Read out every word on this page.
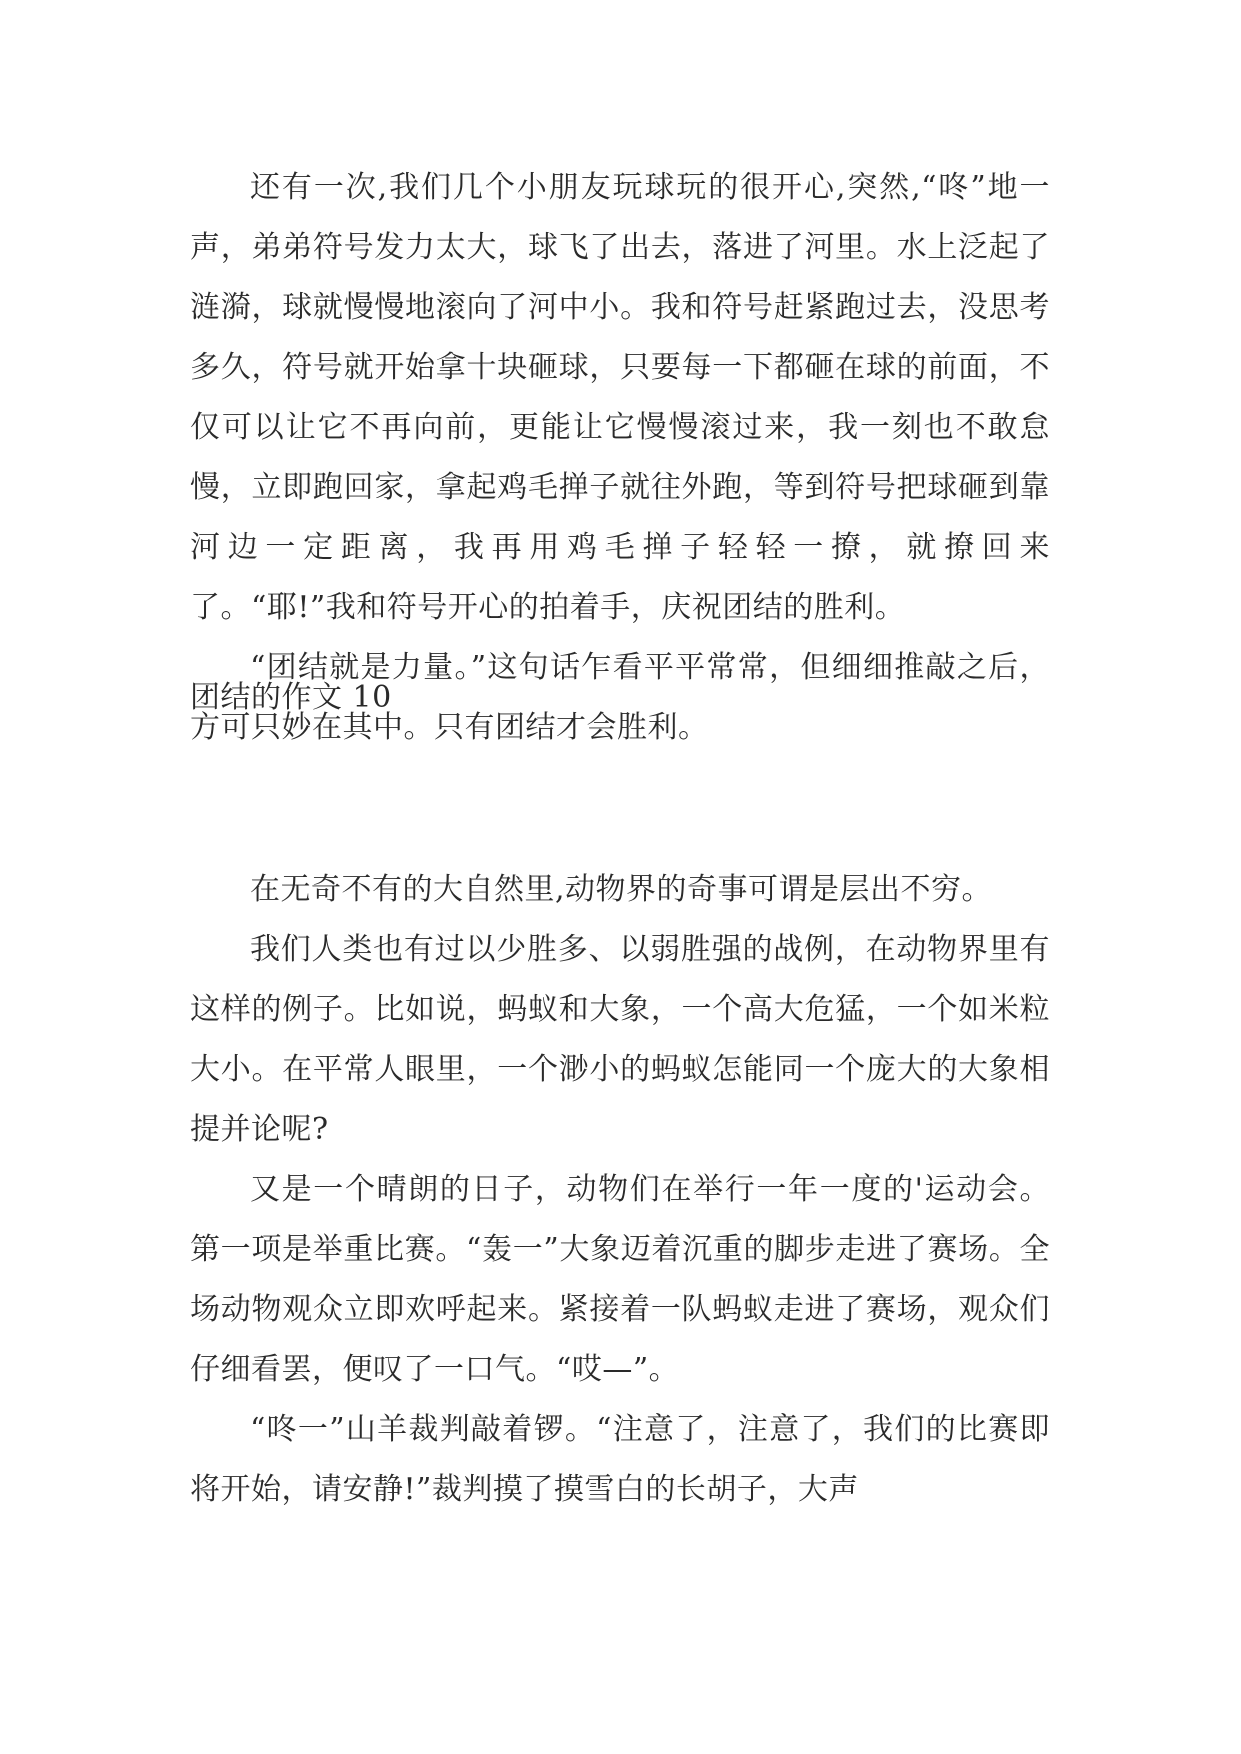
还有一次,我们几个小朋友玩球玩的很开心,突然,“咚”地一声，弟弟符号发力太大，球飞了出去，落进了河里。水上泛起了涟漪，球就慢慢地滚向了河中小。我和符号赶紧跑过去，没思考多久，符号就开始拿十块砸球，只要每一下都砸在球的前面，不仅可以让它不再向前，更能让它慢慢滚过来，我一刻也不敢怠慢，立即跑回家，拿起鸡毛掸子就往外跑，等到符号把球砸到靠河边一定距离，我再用鸡毛掸子轻轻一撩，就撩回来了。“耶!”我和符号开心的拍着手，庆祝团结的胜利。

“团结就是力量。”这句话乍看平平常常，但细细推敲之后，方可只妙在其中。只有团结才会胜利。

团结的作文 10

在无奇不有的大自然里,动物界的奇事可谓是层出不穷。

我们人类也有过以少胜多、以弱胜强的战例，在动物界里有这样的例子。比如说，蚂蚁和大象，一个高大危猛，一个如米粒大小。在平常人眼里，一个渺小的蚂蚁怎能同一个庞大的大象相提并论呢?

又是一个晴朗的日子，动物们在举行一年一度的'运动会。第一项是举重比赛。“轰一”大象迈着沉重的脚步走进了赛场。全场动物观众立即欢呼起来。紧接着一队蚂蚁走进了赛场，观众们仔细看罢，便叹了一口气。“哎—”。

“咚一”山羊裁判敲着锣。“注意了，注意了，我们的比赛即将开始，请安静!”裁判摸了摸雪白的长胡子，大声
